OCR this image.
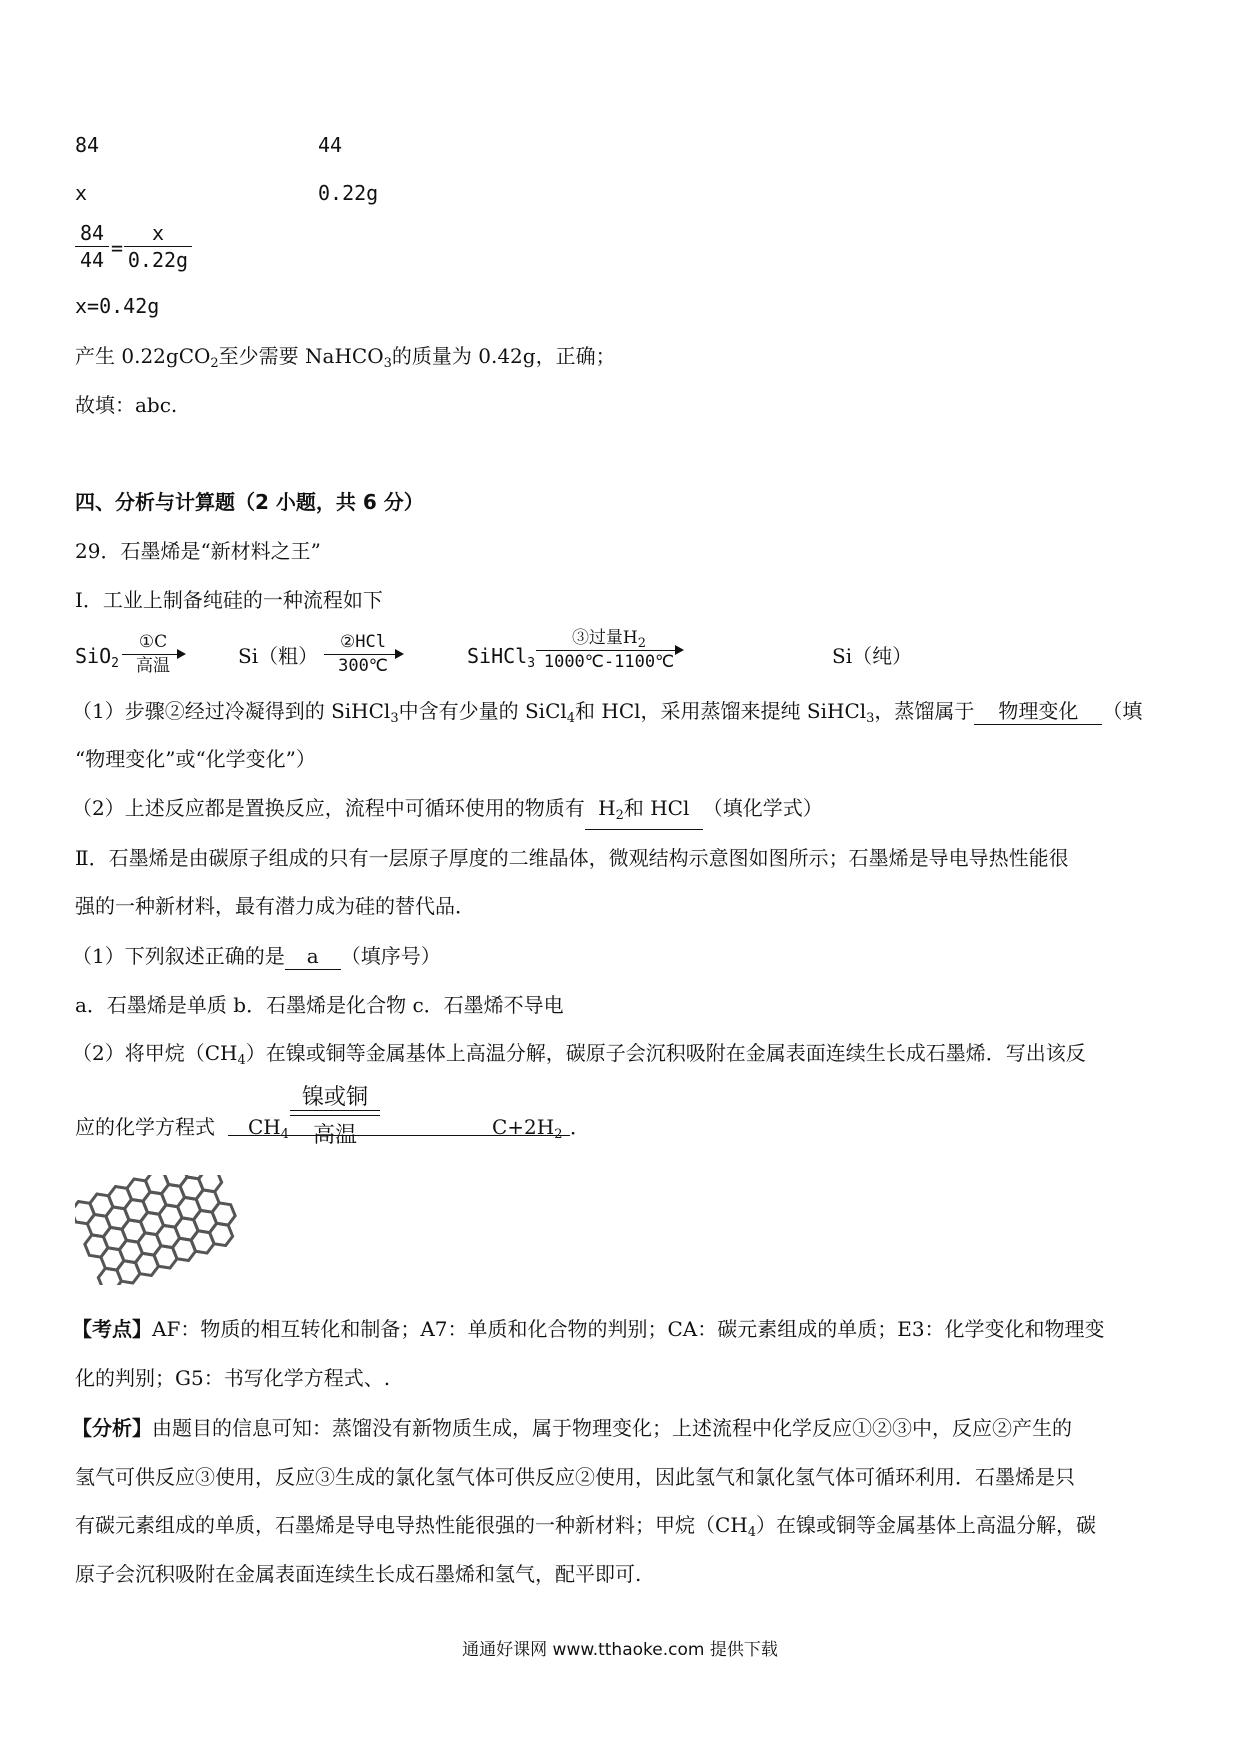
84	44
x	0.22g
$\frac{84}{44} = \frac{x}{0.22g}$
x=0.42g
产生 0.22gCO$_2$至少需要 NaHCO$_3$的质量为 0.42g，正确；
故填：abc.
四、分析与计算题（2 小题，共 6 分）
29．石墨烯是“新材料之王”
I．工业上制备纯硅的一种流程如下
SiO$_2$
①C
高温	Si（粗）
②HCl
300℃	SiHCl$_3$
③过量$H_2$
1000℃-1100℃	Si（纯）
（1）步骤②经过冷凝得到的 SiHCl$_3$中含有少量的 SiCl$_4$和 HCl，采用蒸馏来提纯 SiHCl$_3$，蒸馏属于 物理变化 （填
“物理变化”或“化学变化”）
（2）上述反应都是置换反应，流程中可循环使用的物质有 $H_2$和 HCl （填化学式）
Ⅱ．石墨烯是由碳原子组成的只有一层原子厚度的二维晶体，微观结构示意图如图所示；石墨烯是导电导热性能很
强的一种新材料，最有潜力成为硅的替代品．
（1）下列叙述正确的是 a （填序号）
a．石墨烯是单质 b．石墨烯是化合物 c．石墨烯不导电
（2）将甲烷$(CH_4)$在镍或铜等金属基体上高温分解，碳原子会沉积吸附在金属表面连续生长成石墨烯．写出该反
应的化学方程式 $CH_4$
镍或铜
高温	$C+2H_2$ ．
【考点】AF：物质的相互转化和制备；A7：单质和化合物的判别；CA：碳元素组成的单质；E3：化学变化和物理变
化的判别；G5：书写化学方程式、.
【分析】由题目的信息可知：蒸馏没有新物质生成，属于物理变化；上述流程中化学反应①②③中，反应②产生的
氢气可供反应③使用，反应③生成的氯化氢气体可供反应②使用，因此氢气和氯化氢气体可循环利用．石墨烯是只
有碳元素组成的单质，石墨烯是导电导热性能很强的一种新材料；甲烷$(CH_4)$在镍或铜等金属基体上高温分解，碳
原子会沉积吸附在金属表面连续生长成石墨烯和氢气，配平即可.
通通好课网 www.tthaoke.com 提供下载
